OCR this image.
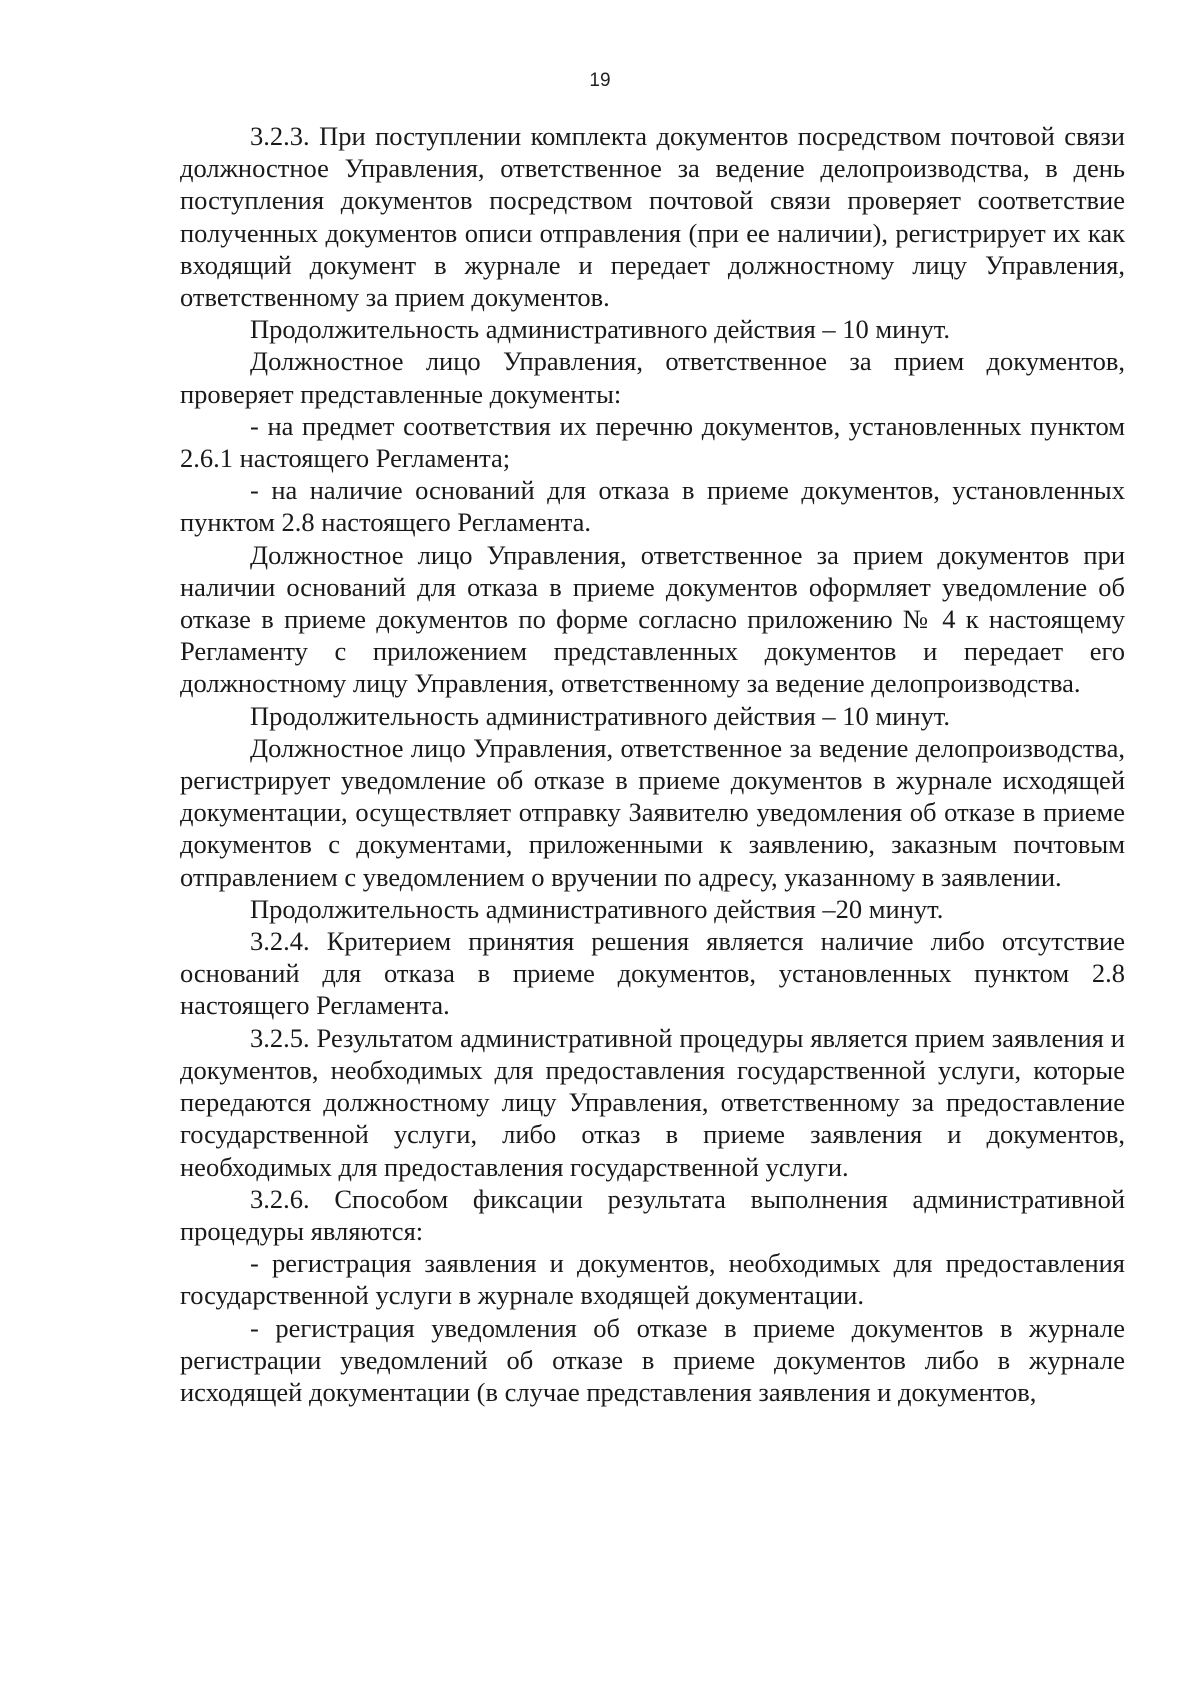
19

3.2.3. При поступлении комплекта документов посредством почтовой связи должностное Управления, ответственное за ведение делопроизводства, в день поступления документов посредством почтовой связи проверяет соответствие полученных документов описи отправления (при ее наличии), регистрирует их как входящий документ в журнале и передает должностному лицу Управления, ответственному за прием документов.

Продолжительность административного действия – 10 минут.

Должностное лицо Управления, ответственное за прием документов, проверяет представленные документы:

- на предмет соответствия их перечню документов, установленных пунктом 2.6.1 настоящего Регламента;

- на наличие оснований для отказа в приеме документов, установленных пунктом 2.8 настоящего Регламента.

Должностное лицо Управления, ответственное за прием документов при наличии оснований для отказа в приеме документов оформляет уведомление об отказе в приеме документов по форме согласно приложению № 4 к настоящему Регламенту с приложением представленных документов и передает его должностному лицу Управления, ответственному за ведение делопроизводства.

Продолжительность административного действия – 10 минут.

Должностное лицо Управления, ответственное за ведение делопроизводства, регистрирует уведомление об отказе в приеме документов в журнале исходящей документации, осуществляет отправку Заявителю уведомления об отказе в приеме документов с документами, приложенными к заявлению, заказным почтовым отправлением с уведомлением о вручении по адресу, указанному в заявлении.

Продолжительность административного действия –20 минут.

3.2.4. Критерием принятия решения является наличие либо отсутствие оснований для отказа в приеме документов, установленных пунктом 2.8 настоящего Регламента.

3.2.5. Результатом административной процедуры является прием заявления и документов, необходимых для предоставления государственной услуги, которые передаются должностному лицу Управления, ответственному за предоставление государственной услуги, либо отказ в приеме заявления и документов, необходимых для предоставления государственной услуги.

3.2.6. Способом фиксации результата выполнения административной процедуры являются:

- регистрация заявления и документов, необходимых для предоставления государственной услуги в журнале входящей документации.

- регистрация уведомления об отказе в приеме документов в журнале регистрации уведомлений об отказе в приеме документов либо в журнале исходящей документации (в случае представления заявления и документов,
